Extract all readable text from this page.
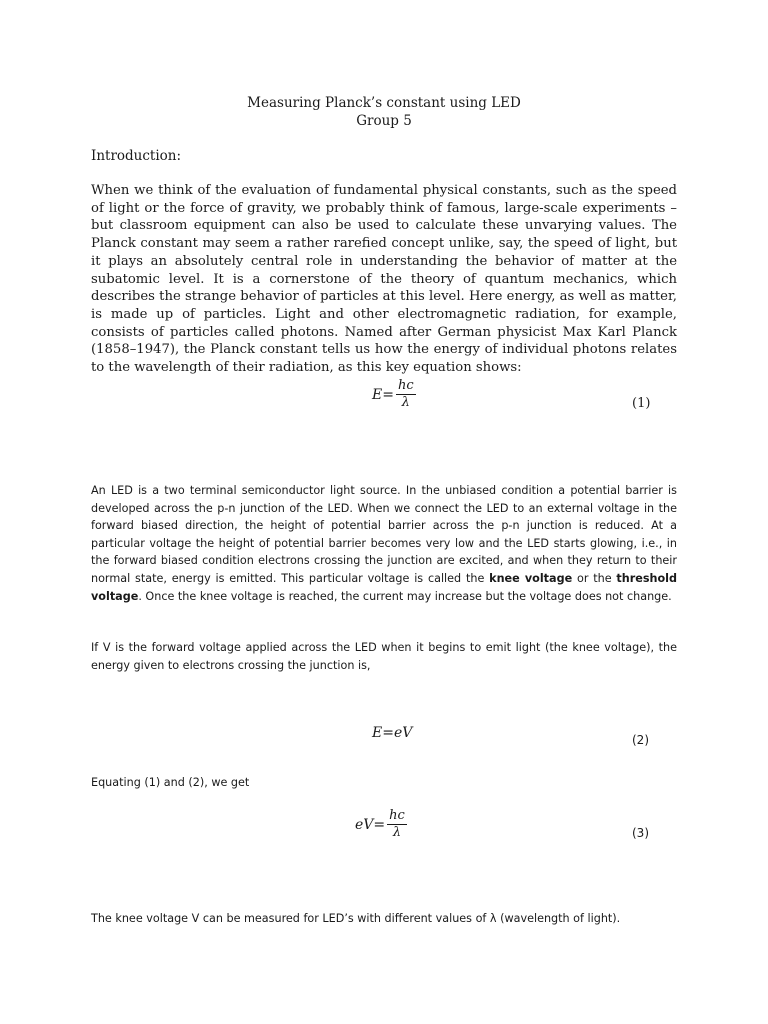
Measuring Planck’s constant using LED
Group 5
Introduction:

When we think of the evaluation of fundamental physical constants, such as the speed of light or the force of gravity, we probably think of famous, large-scale experiments – but classroom equipment can also be used to calculate these unvarying values. The Planck constant may seem a rather rarefied concept unlike, say, the speed of light, but it plays an absolutely central role in understanding the behavior of matter at the subatomic level. It is a cornerstone of the theory of quantum mechanics, which describes the strange behavior of particles at this level. Here energy, as well as matter, is made up of particles. Light and other electromagnetic radiation, for example, consists of particles called photons. Named after German physicist Max Karl Planck (1858–1947), the Planck constant tells us how the energy of individual photons relates to the wavelength of their radiation, as this key equation shows:

$E= \frac{hc}{\lambda}$	(1)

An LED is a two terminal semiconductor light source. In the unbiased condition a potential barrier is developed across the p-n junction of the LED. When we connect the LED to an external voltage in the forward biased direction, the height of potential barrier across the p-n junction is reduced. At a particular voltage the height of potential barrier becomes very low and the LED starts glowing, i.e., in the forward biased condition electrons crossing the junction are excited, and when they return to their normal state, energy is emitted. This particular voltage is called the knee voltage or the threshold voltage. Once the knee voltage is reached, the current may increase but the voltage does not change.

If V is the forward voltage applied across the LED when it begins to emit light (the knee voltage), the energy given to electrons crossing the junction is,

E=eV	(2)
Equating (1) and (2), we get
$eV= \frac{hc}{\lambda}$	(3)
The knee voltage V can be measured for LED’s with different values of λ (wavelength of light).
